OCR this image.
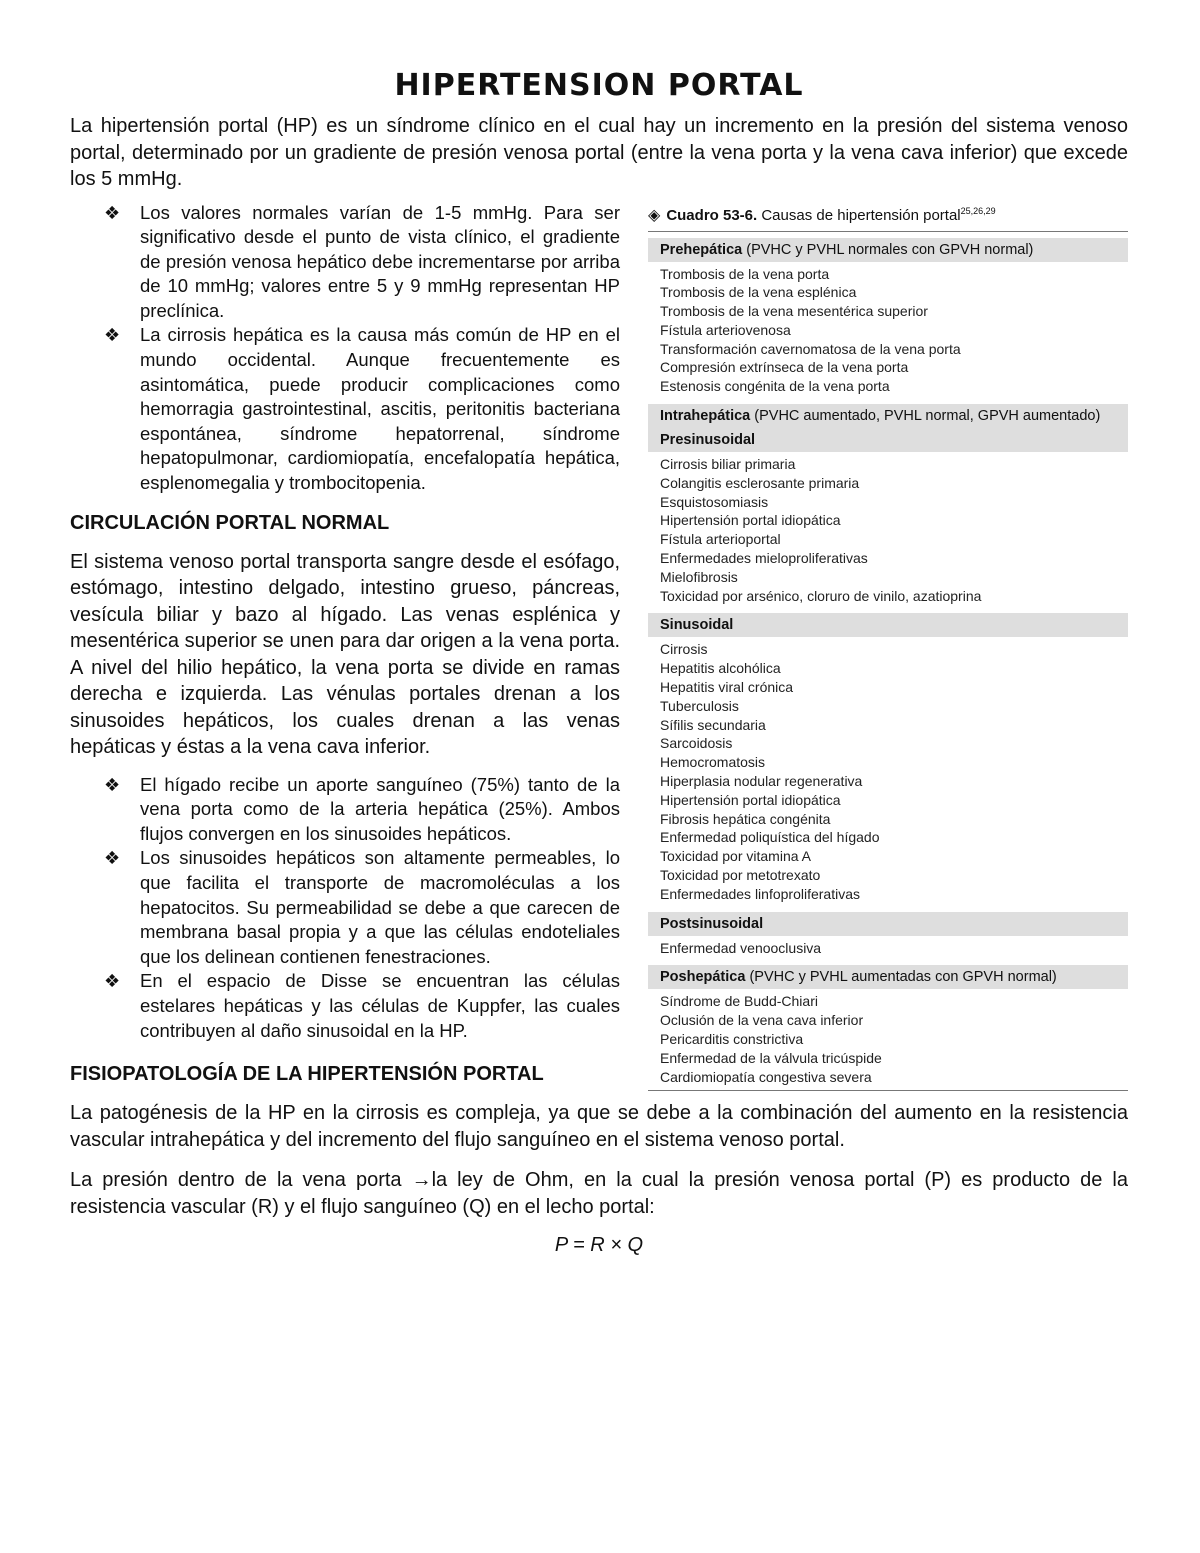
HIPERTENSION PORTAL

La hipertensión portal (HP) es un síndrome clínico en el cual hay un incremento en la presión del sistema venoso portal, determinado por un gradiente de presión venosa portal (entre la vena porta y la vena cava inferior) que excede los 5 mmHg.

◈ Cuadro 53-6. Causas de hipertensión portal$^{25,26,29}$
Prehepática (PVHC y PVHL normales con GPVH normal)
Trombosis de la vena porta
Trombosis de la vena esplénica
Trombosis de la vena mesentérica superior
Fístula arteriovenosa
Transformación cavernomatosa de la vena porta
Compresión extrínseca de la vena porta
Estenosis congénita de la vena porta
Intrahepática (PVHC aumentado, PVHL normal, GPVH aumentado)
Presinusoidal
Cirrosis biliar primaria
Colangitis esclerosante primaria
Esquistosomiasis
Hipertensión portal idiopática
Fístula arterioportal
Enfermedades mieloproliferativas
Mielofibrosis
Toxicidad por arsénico, cloruro de vinilo, azatioprina
Sinusoidal
Cirrosis
Hepatitis alcohólica
Hepatitis viral crónica
Tuberculosis
Sífilis secundaria
Sarcoidosis
Hemocromatosis
Hiperplasia nodular regenerativa
Hipertensión portal idiopática
Fibrosis hepática congénita
Enfermedad poliquística del hígado
Toxicidad por vitamina A
Toxicidad por metotrexato
Enfermedades linfoproliferativas
Postsinusoidal
Enfermedad venooclusiva
Poshepática (PVHC y PVHL aumentadas con GPVH normal)
Síndrome de Budd-Chiari
Oclusión de la vena cava inferior
Pericarditis constrictiva
Enfermedad de la válvula tricúspide
Cardiomiopatía congestiva severa
❖ Los valores normales varían de 1-5 mmHg. Para ser significativo desde el punto de vista clínico, el gradiente de presión venosa hepático debe incrementarse por arriba de 10 mmHg; valores entre 5 y 9 mmHg representan HP preclínica.
❖ La cirrosis hepática es la causa más común de HP en el mundo occidental. Aunque frecuentemente es asintomática, puede producir complicaciones como hemorragia gastrointestinal, ascitis, peritonitis bacteriana espontánea, síndrome hepatorrenal, síndrome hepatopulmonar, cardiomiopatía, encefalopatía hepática, esplenomegalia y trombocitopenia.
CIRCULACIÓN PORTAL NORMAL

El sistema venoso portal transporta sangre desde el esófago, estómago, intestino delgado, intestino grueso, páncreas, vesícula biliar y bazo al hígado. Las venas esplénica y mesentérica superior se unen para dar origen a la vena porta. A nivel del hilio hepático, la vena porta se divide en ramas derecha e izquierda. Las vénulas portales drenan a los sinusoides hepáticos, los cuales drenan a las venas hepáticas y éstas a la vena cava inferior.

❖ El hígado recibe un aporte sanguíneo (75%) tanto de la vena porta como de la arteria hepática (25%). Ambos flujos convergen en los sinusoides hepáticos.
❖ Los sinusoides hepáticos son altamente permeables, lo que facilita el transporte de macromoléculas a los hepatocitos. Su permeabilidad se debe a que carecen de membrana basal propia y a que las células endoteliales que los delinean contienen fenestraciones.
❖ En el espacio de Disse se encuentran las células estelares hepáticas y las células de Kuppfer, las cuales contribuyen al daño sinusoidal en la HP.
FISIOPATOLOGÍA DE LA HIPERTENSIÓN PORTAL

La patogénesis de la HP en la cirrosis es compleja, ya que se debe a la combinación del aumento en la resistencia vascular intrahepática y del incremento del flujo sanguíneo en el sistema venoso portal.

La presión dentro de la vena porta →la ley de Ohm, en la cual la presión venosa portal (P) es producto de la resistencia vascular (R) y el flujo sanguíneo (Q) en el lecho portal:

P = R × Q
